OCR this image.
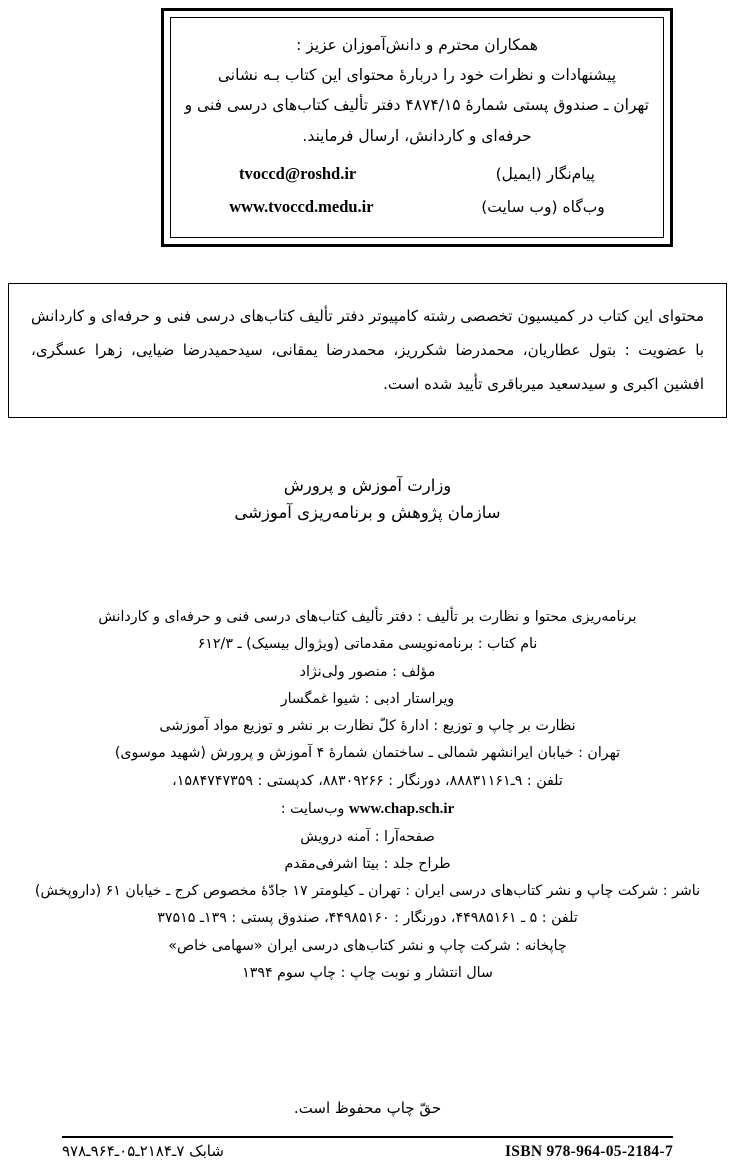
همکاران محترم و دانش‌آموزان عزیز :
پیشنهادات و نظرات خود را دربارهٔ محتوای این کتاب بـه نشانی
تهران ـ صندوق پستی شمارهٔ ۴۸۷۴/۱۵ دفتر تألیف کتاب‌های درسی فنی و
حرفه‌ای و کاردانش، ارسال فرمایند.
پیام‌نگار (ایمیل)
tvoccd@roshd.ir
وب‌گاه (وب سایت)
www.tvoccd.medu.ir
محتوای این کتاب در کمیسیون تخصصی رشته کامپیوتر دفتر تألیف کتاب‌های درسی فنی و حرفه‌ای و کاردانش با عضویت : بتول عطاریان، محمدرضا شکرریز، محمدرضا یمقانی، سیدحمیدرضا ضیایی، زهرا عسگری، افشین اکبری و سیدسعید میرباقری تأیید شده است.
وزارت آموزش و پرورش
سازمان پژوهش و برنامه‌ریزی آموزشی
برنامه‌ریزی محتوا و نظارت بر تألیف : دفتر تألیف کتاب‌های درسی فنی و حرفه‌ای و کاردانش
نام کتاب : برنامه‌نویسی مقدماتی (ویژوال بیسیک) ـ ۶۱۲/۳
مؤلف : منصور ولی‌نژاد
ویراستار ادبی : شیوا غمگسار
نظارت بر چاپ و توزیع : ادارهٔ کلّ نظارت بر نشر و توزیع مواد آموزشی
تهران : خیابان ایرانشهر شمالی ـ ساختمان شمارهٔ ۴ آموزش و پرورش (شهید موسوی)
تلفن : ۹ـ۸۸۸۳۱۱۶۱، دورنگار : ۸۸۳۰۹۲۶۶، کدپستی : ۱۵۸۴۷۴۷۳۵۹،
www.chap.sch.ir وب‌سایت :
صفحه‌آرا : آمنه درویش
طراح جلد : بیتا اشرفی‌مقدم
ناشر : شرکت چاپ و نشر کتاب‌های درسی ایران : تهران ـ کیلومتر ۱۷ جادّهٔ مخصوص کرج ـ خیابان ۶۱ (داروپخش)
تلفن : ۵ ـ ۴۴۹۸۵۱۶۱، دورنگار : ۴۴۹۸۵۱۶۰، صندوق پستی : ۱۳۹ـ ۳۷۵۱۵
چاپخانه : شرکت چاپ و نشر کتاب‌های درسی ایران «سهامی خاص»
سال انتشار و نوبت چاپ : چاپ سوم ۱۳۹۴
حقّ چاپ محفوظ است.
ISBN 978-964-05-2184-7
شابک ۷ـ۲۱۸۴ـ۰۵ـ۹۶۴ـ۹۷۸
